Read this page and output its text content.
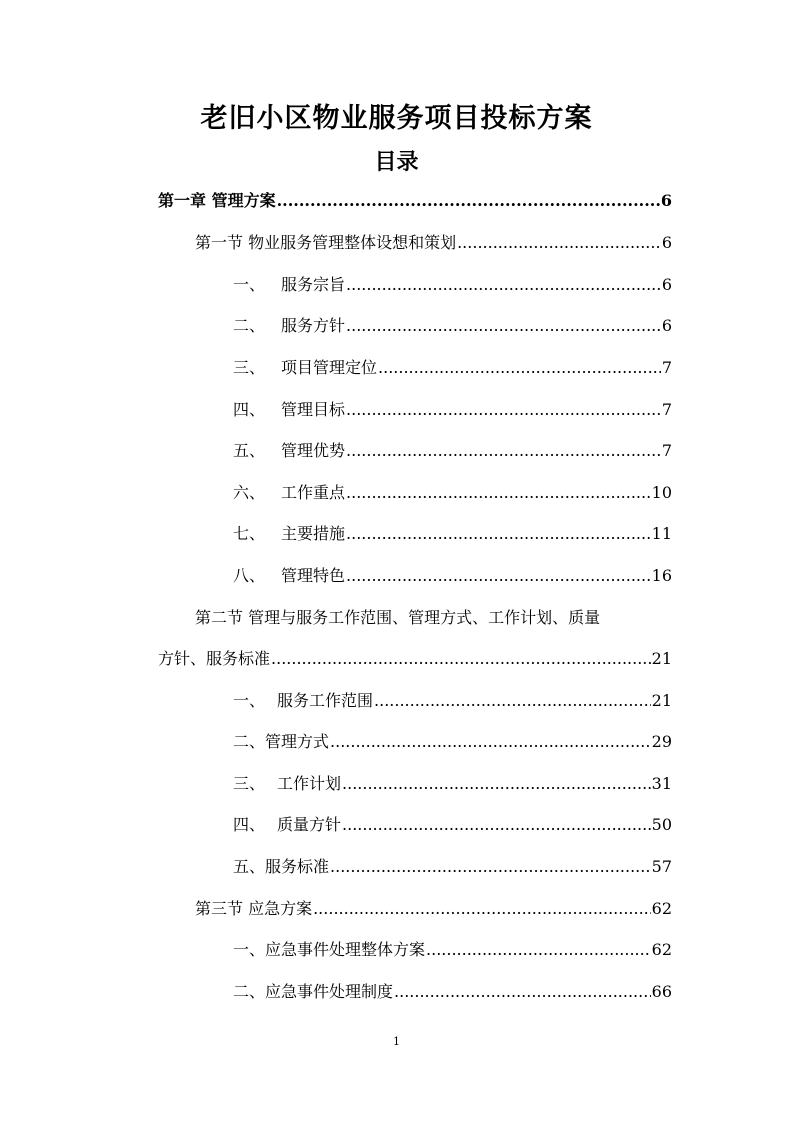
老旧小区物业服务项目投标方案
目录
第一章 管理方案 .....	6
第一节 物业服务管理整体设想和策划 .....	6
一、 服务宗旨 .....	6
二、 服务方针 .....	6
三、 项目管理定位 .....	7
四、 管理目标 .....	7
五、 管理优势 .....	7
六、 工作重点 .....	10
七、 主要措施 .....	11
八、 管理特色 .....	16
第二节 管理与服务工作范围、管理方式、工作计划、质量
方针、服务标准 .....	21
一、 服务工作范围 .....	21
二、管理方式 .....	29
三、 工作计划 .....	31
四、 质量方针 .....	50
五、服务标准 .....	57
第三节 应急方案 .....	62
一、应急事件处理整体方案 .....	62
二、应急事件处理制度 .....	66
1
